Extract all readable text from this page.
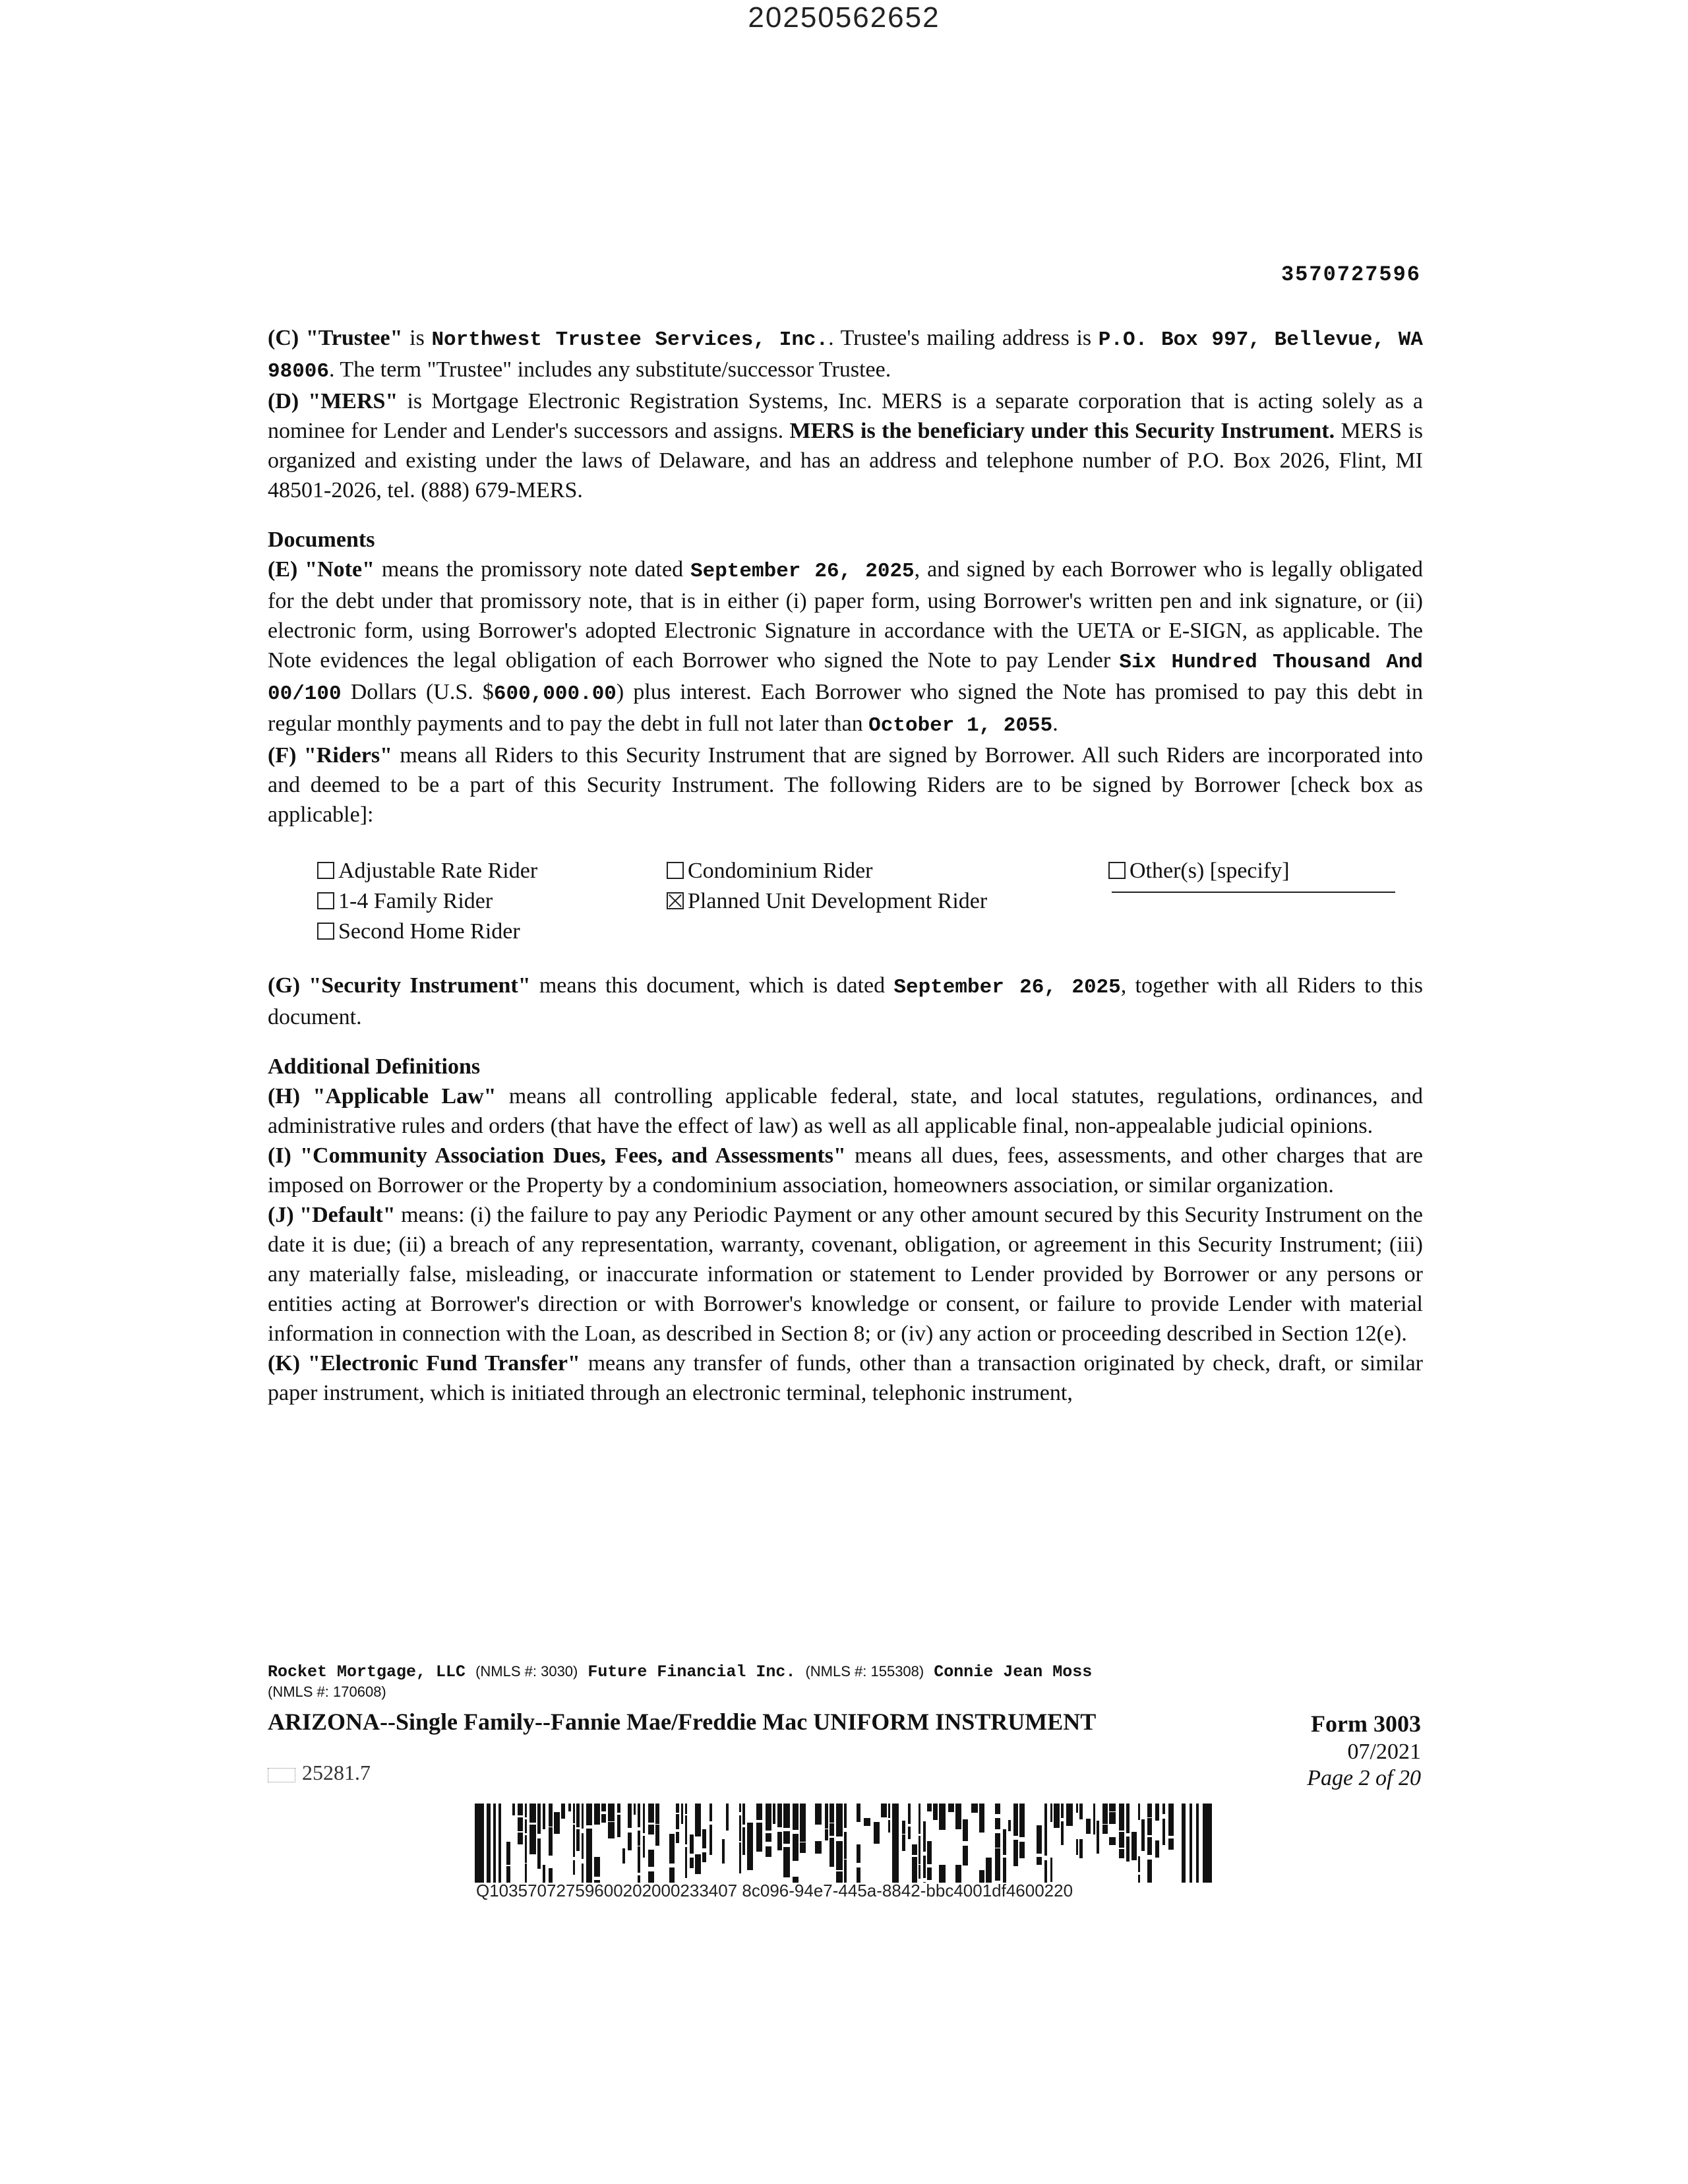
20250562652
3570727596

(C) "Trustee" is Northwest Trustee Services, Inc.. Trustee's mailing address is P.O. Box 997, Bellevue, WA 98006. The term "Trustee" includes any substitute/successor Trustee.

(D) "MERS" is Mortgage Electronic Registration Systems, Inc. MERS is a separate corporation that is acting solely as a nominee for Lender and Lender's successors and assigns. MERS is the beneficiary under this Security Instrument. MERS is organized and existing under the laws of Delaware, and has an address and telephone number of P.O. Box 2026, Flint, MI 48501-2026, tel. (888) 679-MERS.

Documents

(E) "Note" means the promissory note dated September 26, 2025, and signed by each Borrower who is legally obligated for the debt under that promissory note, that is in either (i) paper form, using Borrower's written pen and ink signature, or (ii) electronic form, using Borrower's adopted Electronic Signature in accordance with the UETA or E-SIGN, as applicable. The Note evidences the legal obligation of each Borrower who signed the Note to pay Lender Six Hundred Thousand And 00/100 Dollars (U.S. $600,000.00) plus interest. Each Borrower who signed the Note has promised to pay this debt in regular monthly payments and to pay the debt in full not later than October 1, 2055.

(F) "Riders" means all Riders to this Security Instrument that are signed by Borrower. All such Riders are incorporated into and deemed to be a part of this Security Instrument. The following Riders are to be signed by Borrower [check box as applicable]:

Adjustable Rate Rider
1-4 Family Rider
Second Home Rider
Condominium Rider
Planned Unit Development Rider
Other(s) [specify]

(G) "Security Instrument" means this document, which is dated September 26, 2025, together with all Riders to this document.

Additional Definitions

(H) "Applicable Law" means all controlling applicable federal, state, and local statutes, regulations, ordinances, and administrative rules and orders (that have the effect of law) as well as all applicable final, non-appealable judicial opinions.

(I) "Community Association Dues, Fees, and Assessments" means all dues, fees, assessments, and other charges that are imposed on Borrower or the Property by a condominium association, homeowners association, or similar organization.

(J) "Default" means: (i) the failure to pay any Periodic Payment or any other amount secured by this Security Instrument on the date it is due; (ii) a breach of any representation, warranty, covenant, obligation, or agreement in this Security Instrument; (iii) any materially false, misleading, or inaccurate information or statement to Lender provided by Borrower or any persons or entities acting at Borrower's direction or with Borrower's knowledge or consent, or failure to provide Lender with material information in connection with the Loan, as described in Section 8; or (iv) any action or proceeding described in Section 12(e).

(K) "Electronic Fund Transfer" means any transfer of funds, other than a transaction originated by check, draft, or similar paper instrument, which is initiated through an electronic terminal, telephonic instrument,

Rocket Mortgage, LLC (NMLS #: 3030) Future Financial Inc. (NMLS #: 155308) Connie Jean Moss
(NMLS #: 170608)
ARIZONA--Single Family--Fannie Mae/Freddie Mac UNIFORM INSTRUMENT	Form 3003
07/2021
Page 2 of 20
25281.7
Q10357072759600202000233407 8c096-94e7-445a-8842-bbc4001df4600220
